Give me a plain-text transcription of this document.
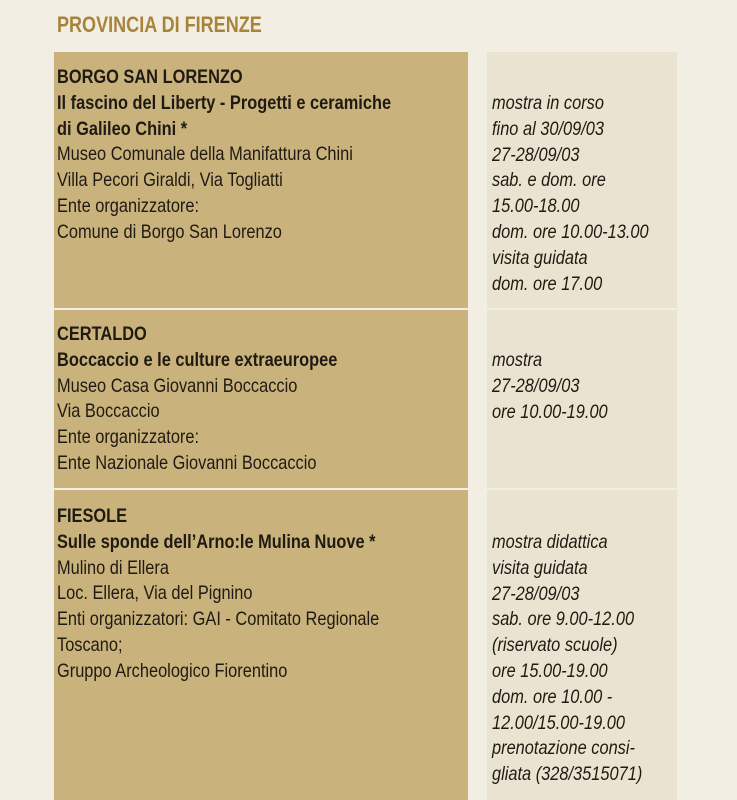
PROVINCIA DI FIRENZE
BORGO SAN LORENZO
Il fascino del Liberty - Progetti e ceramiche
di Galileo Chini *
Museo Comunale della Manifattura Chini
Villa Pecori Giraldi, Via Togliatti
Ente organizzatore:
Comune di Borgo San Lorenzo
mostra in corso
fino al 30/09/03
27-28/09/03
sab. e dom. ore
15.00-18.00
dom. ore 10.00-13.00
visita guidata
dom. ore 17.00
CERTALDO
Boccaccio e le culture extraeuropee
Museo Casa Giovanni Boccaccio
Via Boccaccio
Ente organizzatore:
Ente Nazionale Giovanni Boccaccio
mostra
27-28/09/03
ore 10.00-19.00
FIESOLE
Sulle sponde dell’Arno:le Mulina Nuove *
Mulino di Ellera
Loc. Ellera, Via del Pignino
Enti organizzatori: GAI - Comitato Regionale
Toscano;
Gruppo Archeologico Fiorentino
mostra didattica
visita guidata
27-28/09/03
sab. ore 9.00-12.00
(riservato scuole)
ore 15.00-19.00
dom. ore 10.00 -
12.00/15.00-19.00
prenotazione consi-
gliata (328/3515071)
